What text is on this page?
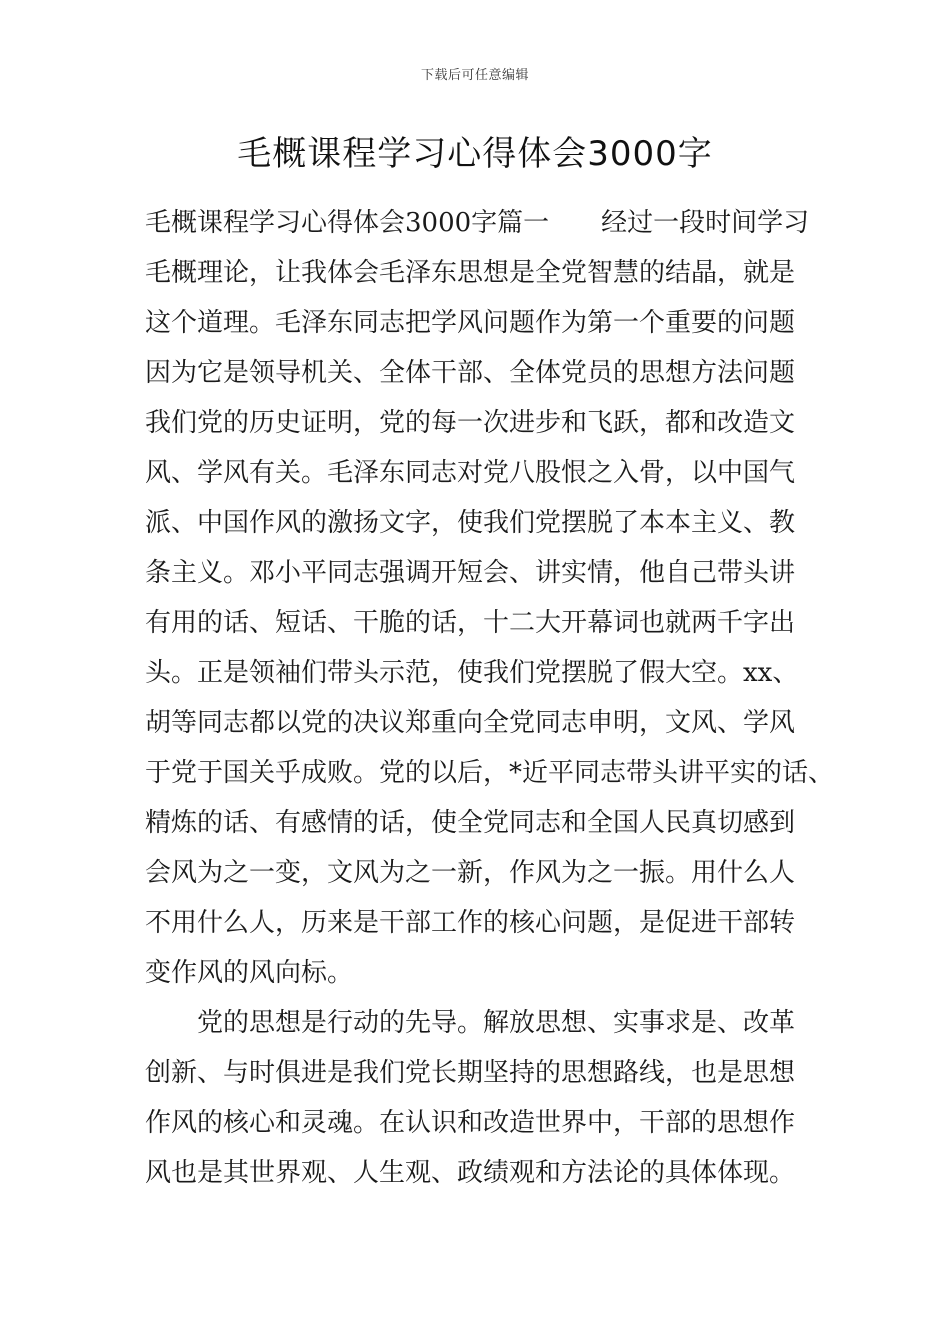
下载后可任意编辑
毛概课程学习心得体会3000字
毛概课程学习心得体会3000字篇一　　经过一段时间学习
毛概理论，让我体会毛泽东思想是全党智慧的结晶，就是
这个道理。毛泽东同志把学风问题作为第一个重要的问题
因为它是领导机关、全体干部、全体党员的思想方法问题
我们党的历史证明，党的每一次进步和飞跃，都和改造文
风、学风有关。毛泽东同志对党八股恨之入骨，以中国气
派、中国作风的激扬文字，使我们党摆脱了本本主义、教
条主义。邓小平同志强调开短会、讲实情，他自己带头讲
有用的话、短话、干脆的话，十二大开幕词也就两千字出
头。正是领袖们带头示范，使我们党摆脱了假大空。xx、
胡等同志都以党的决议郑重向全党同志申明，文风、学风
于党于国关乎成败。党的以后，*近平同志带头讲平实的话、
精炼的话、有感情的话，使全党同志和全国人民真切感到
会风为之一变，文风为之一新，作风为之一振。用什么人
不用什么人，历来是干部工作的核心问题，是促进干部转
变作风的风向标。
党的思想是行动的先导。解放思想、实事求是、改革
创新、与时俱进是我们党长期坚持的思想路线，也是思想
作风的核心和灵魂。在认识和改造世界中，干部的思想作
风也是其世界观、人生观、政绩观和方法论的具体体现。
